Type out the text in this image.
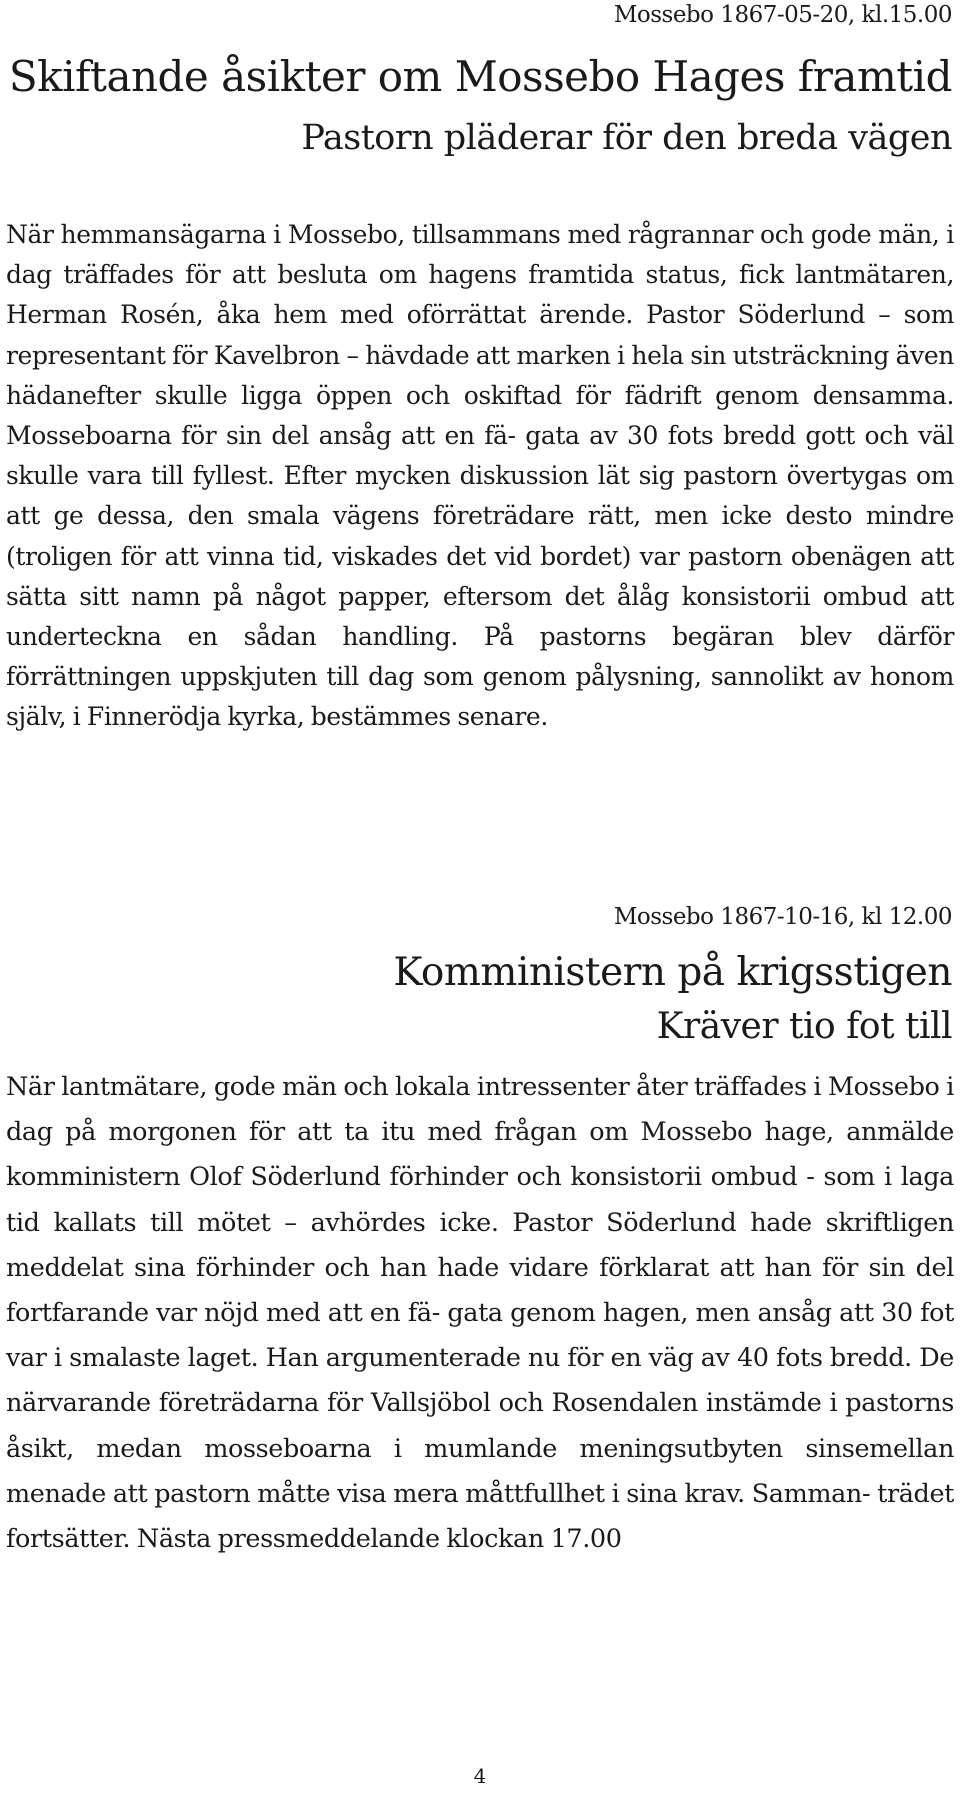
Mossebo 1867-05-20, kl.15.00
Skiftande åsikter om Mossebo Hages framtid
Pastorn pläderar för den breda vägen

När hemmansägarna i Mossebo, tillsammans med rågrannar och gode män, i dag träffades för att besluta om hagens framtida status, fick lantmätaren, Herman Rosén, åka hem med oförrättat ärende. Pastor Söderlund – som representant för Kavelbron – hävdade att marken i hela sin utsträckning även hädanefter skulle ligga öppen och oskiftad för fädrift genom densamma. Mosseboarna för sin del ansåg att en fä- gata av 30 fots bredd gott och väl skulle vara till fyllest. Efter mycken diskussion lät sig pastorn övertygas om att ge dessa, den smala vägens företrädare rätt, men icke desto mindre (troligen för att vinna tid, viskades det vid bordet) var pastorn obenägen att sätta sitt namn på något papper, eftersom det ålåg konsistorii ombud att underteckna en sådan handling. På pastorns begäran blev därför förrättningen uppskjuten till dag som genom pålysning, sannolikt av honom själv, i Finnerödja kyrka, bestämmes senare.

Mossebo 1867-10-16, kl 12.00
Komministern på krigsstigen
Kräver tio fot till

När lantmätare, gode män och lokala intressenter åter träffades i Mossebo i dag på morgonen för att ta itu med frågan om Mossebo hage, anmälde komministern Olof Söderlund förhinder och konsistorii ombud - som i laga tid kallats till mötet – avhördes icke. Pastor Söderlund hade skriftligen meddelat sina förhinder och han hade vidare förklarat att han för sin del fortfarande var nöjd med att en fä- gata genom hagen, men ansåg att 30 fot var i smalaste laget. Han argumenterade nu för en väg av 40 fots bredd. De närvarande företrädarna för Vallsjöbol och Rosendalen instämde i pastorns åsikt, medan mosseboarna i mumlande meningsutbyten sinsemellan menade att pastorn måtte visa mera måttfullhet i sina krav. Samman- trädet fortsätter. Nästa pressmeddelande klockan 17.00

4
